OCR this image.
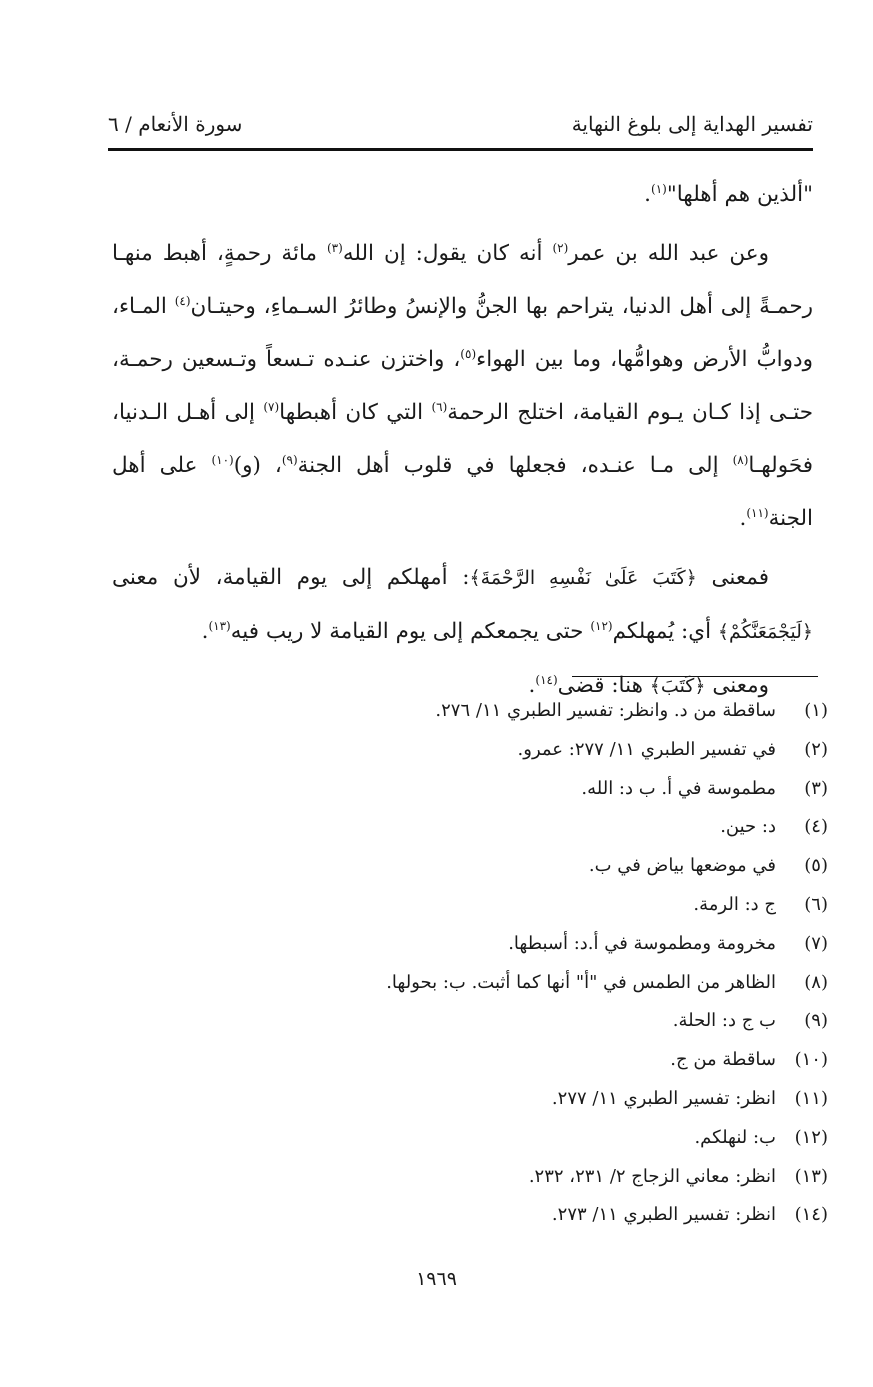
تفسير الهداية إلى بلوغ النهاية
سورة الأنعام / ٦

"ألذين هم أهلها"$^{(١)}$.

وعن عبد الله بن عمر$^{(٢)}$ أنه كان يقول: إن الله$^{(٣)}$ مائة رحمةٍ، أهبط منهـا رحمـةً إلى أهل الدنيا، يتراحم بها الجنُّ والإنسُ وطائرُ السـماءِ، وحيتـان$^{(٤)}$ المـاء، ودوابُّ الأرض وهوامُّها، وما بين الهواء$^{(٥)}$، واختزن عنـده تـسعاً وتـسعين رحمـة، حتـى إذا كـان يـوم القيامة، اختلج الرحمة$^{(٦)}$ التي كان أهبطها$^{(٧)}$ إلى أهـل الـدنيا، فحَولهـا$^{(٨)}$ إلى مـا عنـده، فجعلها في قلوب أهل الجنة$^{(٩)}$، (و)$^{(١٠)}$ على أهل الجنة$^{(١١)}$.

فمعنى ﴿كَتَبَ عَلَىٰ نَفْسِهِ الرَّحْمَةَ﴾: أمهلكم إلى يوم القيامة، لأن معنى ﴿لَيَجْمَعَنَّكُمْ﴾ أي: يُمهلكم$^{(١٢)}$ حتى يجمعكم إلى يوم القيامة لا ريب فيه$^{(١٣)}$.

ومعنى ﴿كَتَبَ﴾ هنا: قضى$^{(١٤)}$.

(١)ساقطة من د. وانظر: تفسير الطبري ١١/ ٢٧٦.
(٢)في تفسير الطبري ١١/ ٢٧٧: عمرو.
(٣)مطموسة في أ. ب د: الله.
(٤)د: حين.
(٥)في موضعها بياض في ب.
(٦)ج د: الرمة.
(٧)مخرومة ومطموسة في أ.د: أسبطها.
(٨)الظاهر من الطمس في "أ" أنها كما أثبت. ب: بحولها.
(٩)ب ج د: الحلة.
(١٠)ساقطة من ج.
(١١)انظر: تفسير الطبري ١١/ ٢٧٧.
(١٢)ب: لنهلكم.
(١٣)انظر: معاني الزجاج ٢/ ٢٣١، ٢٣٢.
(١٤)انظر: تفسير الطبري ١١/ ٢٧٣.
١٩٦٩
